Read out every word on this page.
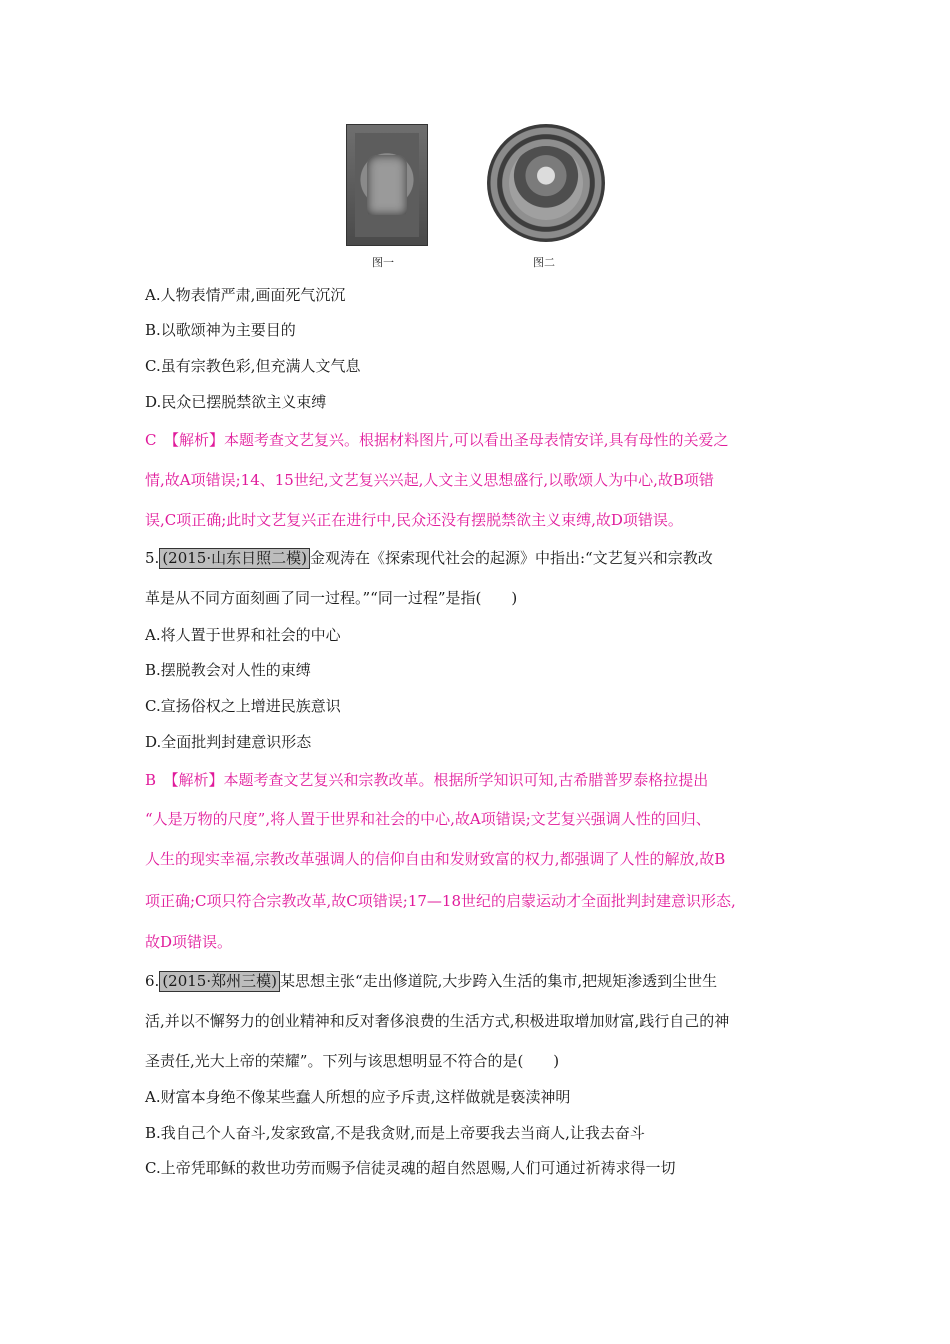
图一	图二
A.人物表情严肃,画面死气沉沉
B.以歌颂神为主要目的
C.虽有宗教色彩,但充满人文气息
D.民众已摆脱禁欲主义束缚
C　【解析】本题考查文艺复兴。根据材料图片,可以看出圣母表情安详,具有母性的关爱之
情,故A项错误;14、15世纪,文艺复兴兴起,人文主义思想盛行,以歌颂人为中心,故B项错
误,C项正确;此时文艺复兴正在进行中,民众还没有摆脱禁欲主义束缚,故D项错误。
5. (2015·山东日照二模) 金观涛在《探索现代社会的起源》中指出:“文艺复兴和宗教改
革是从不同方面刻画了同一过程。”“同一过程”是指(　　)
A.将人置于世界和社会的中心
B.摆脱教会对人性的束缚
C.宣扬俗权之上增进民族意识
D.全面批判封建意识形态
B　【解析】本题考查文艺复兴和宗教改革。根据所学知识可知,古希腊普罗泰格拉提出
“人是万物的尺度”,将人置于世界和社会的中心,故A项错误;文艺复兴强调人性的回归、
人生的现实幸福,宗教改革强调人的信仰自由和发财致富的权力,都强调了人性的解放,故B
项正确;C项只符合宗教改革,故C项错误;17—18世纪的启蒙运动才全面批判封建意识形态,
故D项错误。
6. (2015·郑州三模) 某思想主张“走出修道院,大步跨入生活的集市,把规矩渗透到尘世生
活,并以不懈努力的创业精神和反对奢侈浪费的生活方式,积极进取增加财富,践行自己的神
圣责任,光大上帝的荣耀”。下列与该思想明显不符合的是(　　)
A.财富本身绝不像某些蠢人所想的应予斥责,这样做就是亵渎神明
B.我自己个人奋斗,发家致富,不是我贪财,而是上帝要我去当商人,让我去奋斗
C.上帝凭耶稣的救世功劳而赐予信徒灵魂的超自然恩赐,人们可通过祈祷求得一切
